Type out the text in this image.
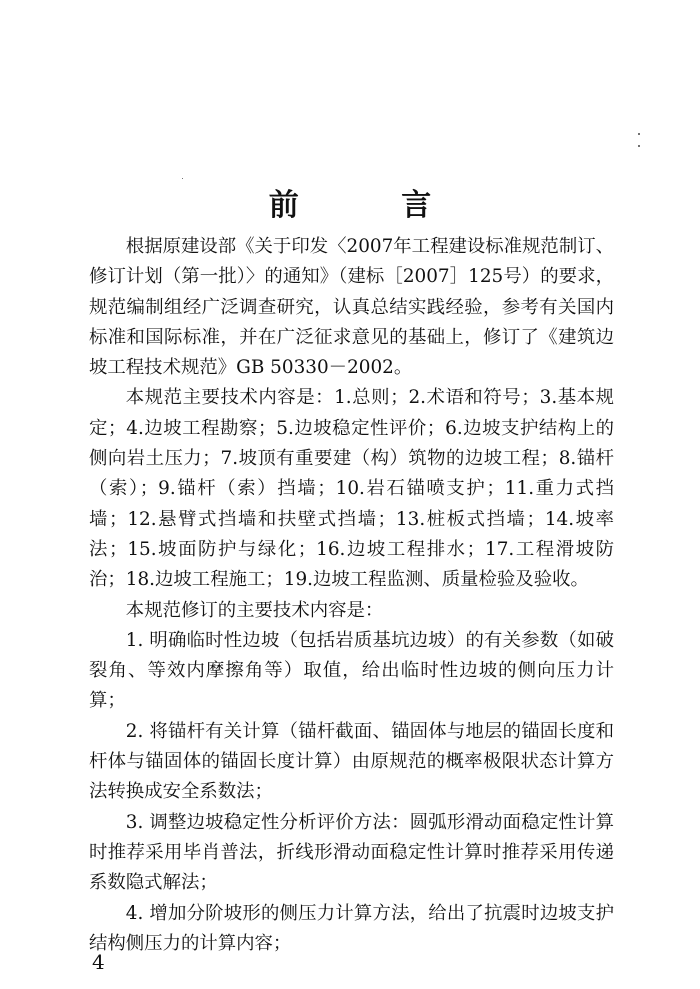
前 言

根据原建设部《关于印发〈2007年工程建设标准规范制订、修订计划（第一批）〉的通知》（建标［2007］125号）的要求，规范编制组经广泛调查研究，认真总结实践经验，参考有关国内标准和国际标准，并在广泛征求意见的基础上，修订了《建筑边坡工程技术规范》GB 50330－2002。

本规范主要技术内容是：1.总则；2.术语和符号；3.基本规定；4.边坡工程勘察；5.边坡稳定性评价；6.边坡支护结构上的侧向岩土压力；7.坡顶有重要建（构）筑物的边坡工程；8.锚杆（索）；9.锚杆（索）挡墙；10.岩石锚喷支护；11.重力式挡墙；12.悬臂式挡墙和扶壁式挡墙；13.桩板式挡墙；14.坡率法；15.坡面防护与绿化；16.边坡工程排水；17.工程滑坡防治；18.边坡工程施工；19.边坡工程监测、质量检验及验收。

本规范修订的主要技术内容是：

1. 明确临时性边坡（包括岩质基坑边坡）的有关参数（如破裂角、等效内摩擦角等）取值，给出临时性边坡的侧向压力计算；

2. 将锚杆有关计算（锚杆截面、锚固体与地层的锚固长度和杆体与锚固体的锚固长度计算）由原规范的概率极限状态计算方法转换成安全系数法；

3. 调整边坡稳定性分析评价方法：圆弧形滑动面稳定性计算时推荐采用毕肖普法，折线形滑动面稳定性计算时推荐采用传递系数隐式解法；

4. 增加分阶坡形的侧压力计算方法，给出了抗震时边坡支护结构侧压力的计算内容；

4
